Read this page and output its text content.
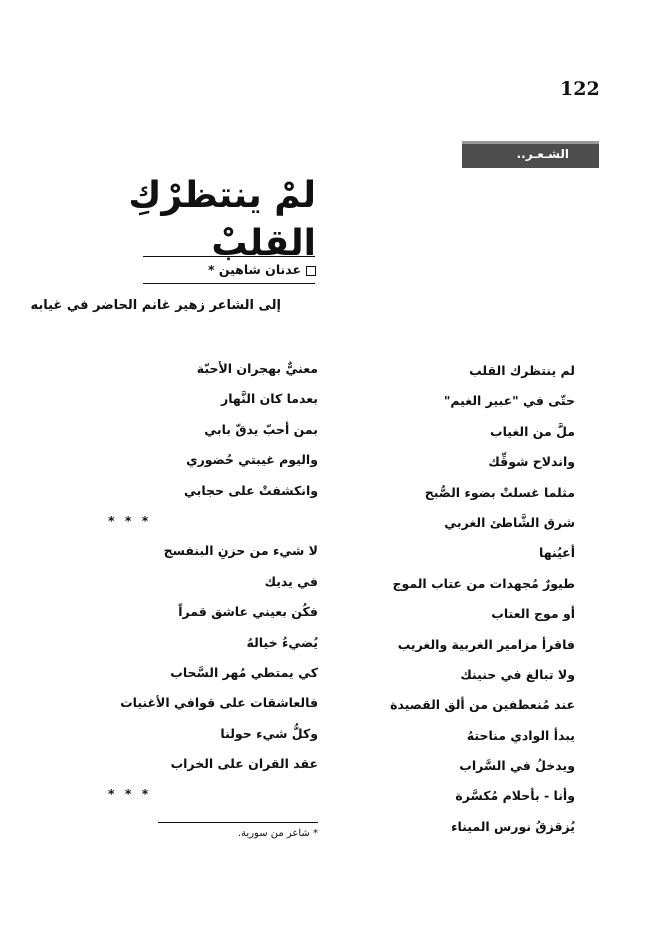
122
الشـعـر..
لمْ ينتظرْكِ القلبْ
عدنان شاهين *
إلى الشاعر زهير غانم الحاضر في غيابه
لم ينتظرك القلب
حتّى في "عبير الغيم"
ملَّ من الغياب
واندلاح شوقِّك
مثلما غسلتْ بضوء الصُّبح
شرق الشَّاطئ الغربي
أعيُنها
طيورٌ مُجهدات من عتاب الموج
أو موج العتاب
فاقرأ مزامير الغربية والغريب
ولا تبالغ في حنينك
عند مُنعطفين من ألق القصيدة
يبدأ الوادي مناحتهُ
ويدخلُ في السَّراب
وأنا - بأحلام مُكسَّرة
يُزقزقُ نورس الميناء
معنيٌّ بهجران الأحبّة
بعدما كان النَّهار
بمن أحبّ يدقّ بابي
واليوم غيبتي حُضوري
وانكشفتْ على حجابي
* * *
لا شيء من حزنِ البنفسج
في يديك
فكُن بعيني عاشق قمراً
يُضيءُ خيالهُ
كي يمتطي مُهر السَّحاب
فالعاشقات على قوافي الأغنيات
وكلُّ شيء حولنا
عقد القران على الخراب
* * *
* شاعر من سورية.
